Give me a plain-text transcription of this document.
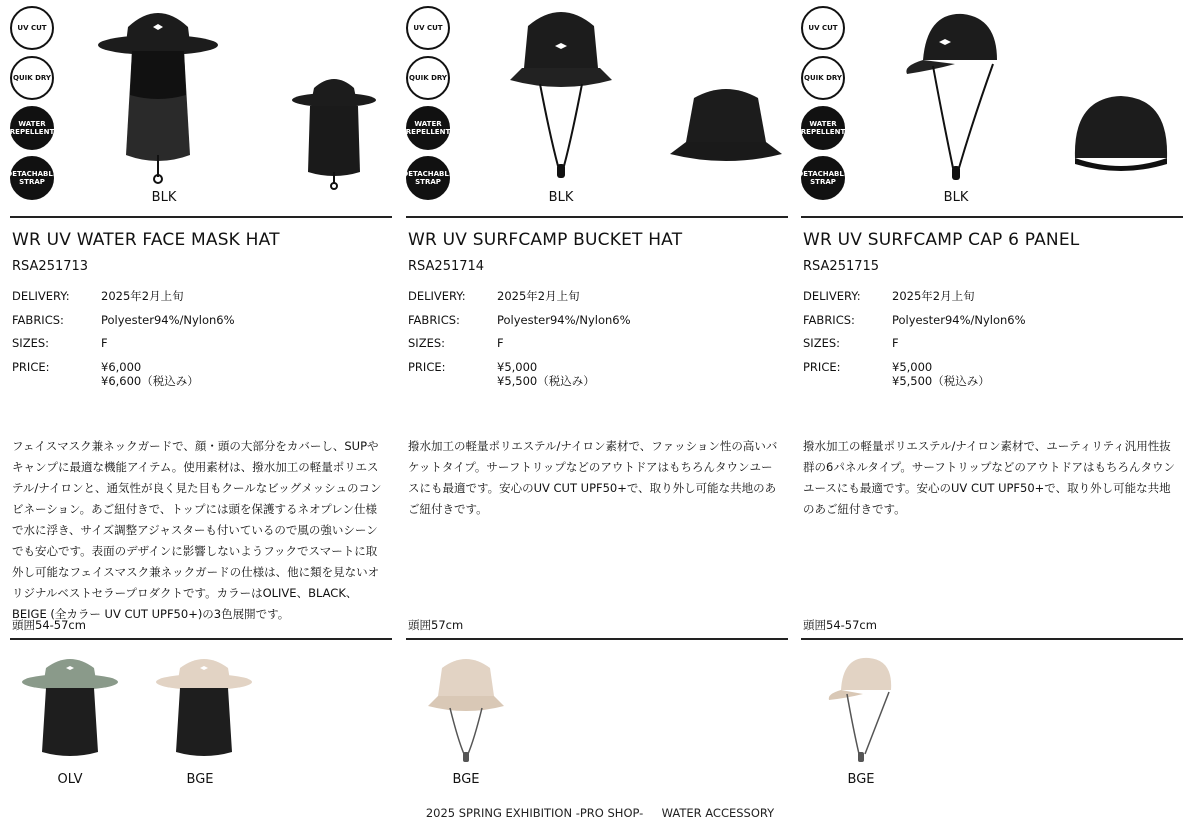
UV CUT
QUIK DRY
WATER REPELLENT
DETACHABLE STRAP
BLK
WR UV WATER FACE MASK HAT
RSA251713
DELIVERY:	2025年2月上旬
FABRICS:	Polyester94%/Nylon6%
SIZES:	F
PRICE:	¥6,000
¥6,600（税込み）
フェイスマスク兼ネックガードで、顔・頭の大部分をカバーし、SUPやキャンプに最適な機能アイテム。使用素材は、撥水加工の軽量ポリエステル/ナイロンと、通気性が良く見た目もクールなビッグメッシュのコンビネーション。あご紐付きで、トップには頭を保護するネオプレン仕様で水に浮き、サイズ調整アジャスターも付いているので風の強いシーンでも安心です。表面のデザインに影響しないようフックでスマートに取外し可能なフェイスマスク兼ネックガードの仕様は、他に類を見ないオリジナルベストセラープロダクトです。カラーはOLIVE、BLACK、BEIGE (全カラー UV CUT UPF50+)の3色展開です。
頭囲54-57cm
OLV	BGE
UV CUT
QUIK DRY
WATER REPELLENT
DETACHABLE STRAP
BLK
WR UV SURFCAMP BUCKET HAT
RSA251714
DELIVERY:	2025年2月上旬
FABRICS:	Polyester94%/Nylon6%
SIZES:	F
PRICE:	¥5,000
¥5,500（税込み）
撥水加工の軽量ポリエステル/ナイロン素材で、ファッション性の高いバケットタイプ。サーフトリップなどのアウトドアはもちろんタウンユースにも最適です。安心のUV CUT UPF50+で、取り外し可能な共地のあご紐付きです。
頭囲57cm
BGE
UV CUT
QUIK DRY
WATER REPELLENT
DETACHABLE STRAP
BLK
WR UV SURFCAMP CAP 6 PANEL
RSA251715
DELIVERY:	2025年2月上旬
FABRICS:	Polyester94%/Nylon6%
SIZES:	F
PRICE:	¥5,000
¥5,500（税込み）
撥水加工の軽量ポリエステル/ナイロン素材で、ユーティリティ汎用性抜群の6パネルタイプ。サーフトリップなどのアウトドアはもちろんタウンユースにも最適です。安心のUV CUT UPF50+で、取り外し可能な共地のあご紐付きです。
頭囲54-57cm
BGE
2025 SPRING EXHIBITION -PRO SHOP-     WATER ACCESSORY
